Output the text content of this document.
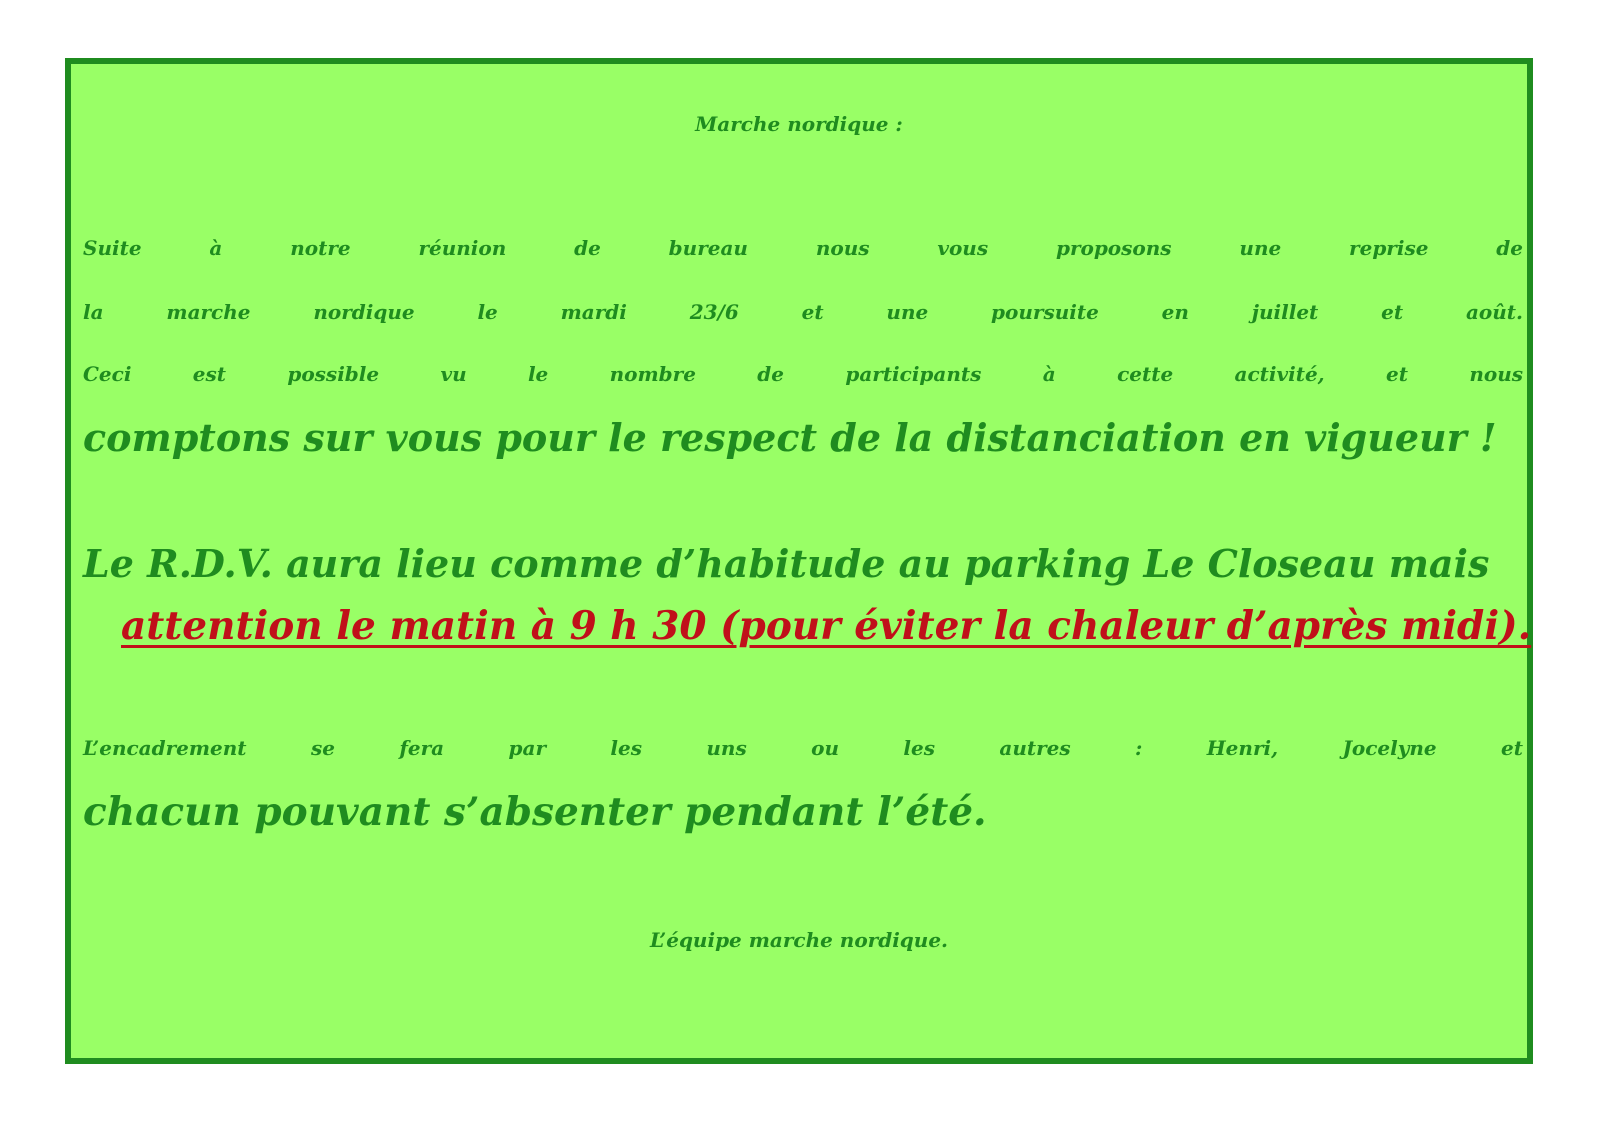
Marche nordique :
Suite à notre réunion de bureau nous vous proposons une reprise de
la marche nordique le mardi 23/6 et une poursuite en juillet et août.
Ceci est possible vu le nombre de participants à cette activité, et nous
comptons sur vous pour le respect de la distanciation en vigueur !
Le R.D.V. aura lieu comme d’habitude au parking Le Closeau mais
attention le matin à 9 h 30 (pour éviter la chaleur d’après midi).
L’encadrement se fera par les uns ou les autres : Henri, Jocelyne et
chacun pouvant s’absenter pendant l’été.
L’équipe marche nordique.
